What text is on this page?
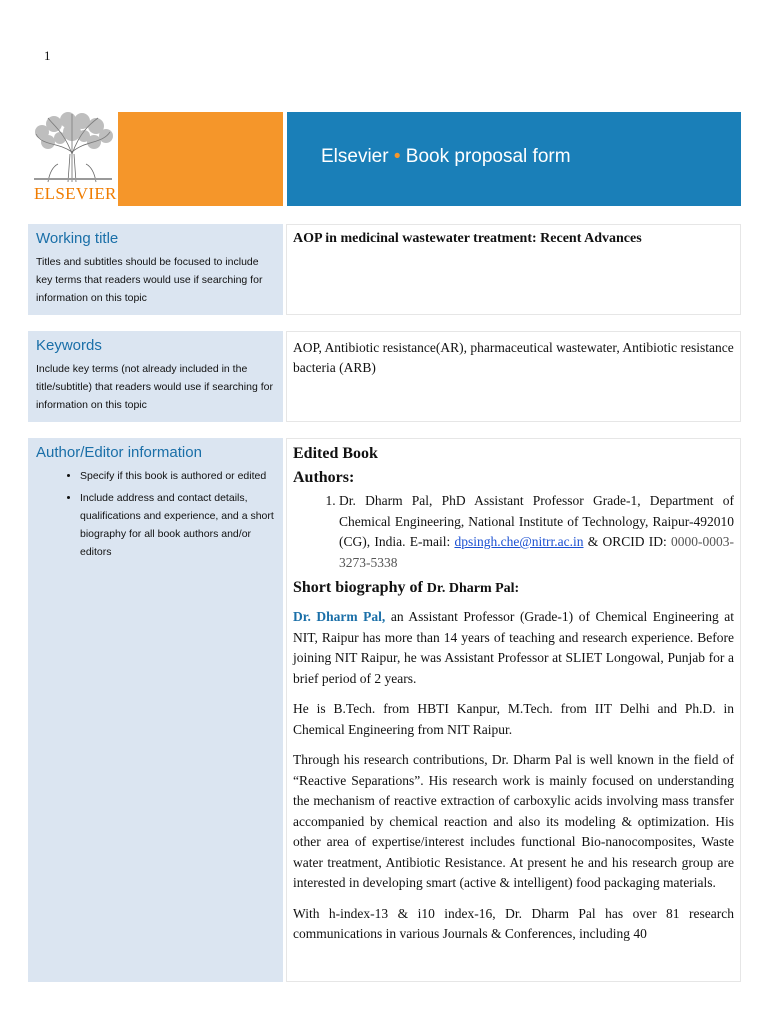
1
ELSEVIER
Elsevier • Book proposal form
Working title

Titles and subtitles should be focused to include key terms that readers would use if searching for information on this topic

AOP in medicinal wastewater treatment: Recent Advances

Keywords

Include key terms (not already included in the title/subtitle) that readers would use if searching for information on this topic

AOP, Antibiotic resistance(AR), pharmaceutical wastewater, Antibiotic resistance bacteria (ARB)

Author/Editor information
• Specify if this book is authored or edited
• Include address and contact details, qualifications and experience, and a short biography for all book authors and/or editors

Edited Book

Authors:

1. Dr. Dharm Pal, PhD Assistant Professor Grade-1, Department of Chemical Engineering, National Institute of Technology, Raipur-492010 (CG), India. E-mail: dpsingh.che@nitrr.ac.in & ORCID ID: 0000-0003-3273-5338

Short biography of Dr. Dharm Pal:

Dr. Dharm Pal, an Assistant Professor (Grade-1) of Chemical Engineering at NIT, Raipur has more than 14 years of teaching and research experience. Before joining NIT Raipur, he was Assistant Professor at SLIET Longowal, Punjab for a brief period of 2 years.

He is B.Tech. from HBTI Kanpur, M.Tech. from IIT Delhi and Ph.D. in Chemical Engineering from NIT Raipur.

Through his research contributions, Dr. Dharm Pal is well known in the field of “Reactive Separations”. His research work is mainly focused on understanding the mechanism of reactive extraction of carboxylic acids involving mass transfer accompanied by chemical reaction and also its modeling & optimization. His other area of expertise/interest includes functional Bio-nanocomposites, Waste water treatment, Antibiotic Resistance. At present he and his research group are interested in developing smart (active & intelligent) food packaging materials.

With h-index-13 & i10 index-16, Dr. Dharm Pal has over 81 research communications in various Journals & Conferences, including 40
